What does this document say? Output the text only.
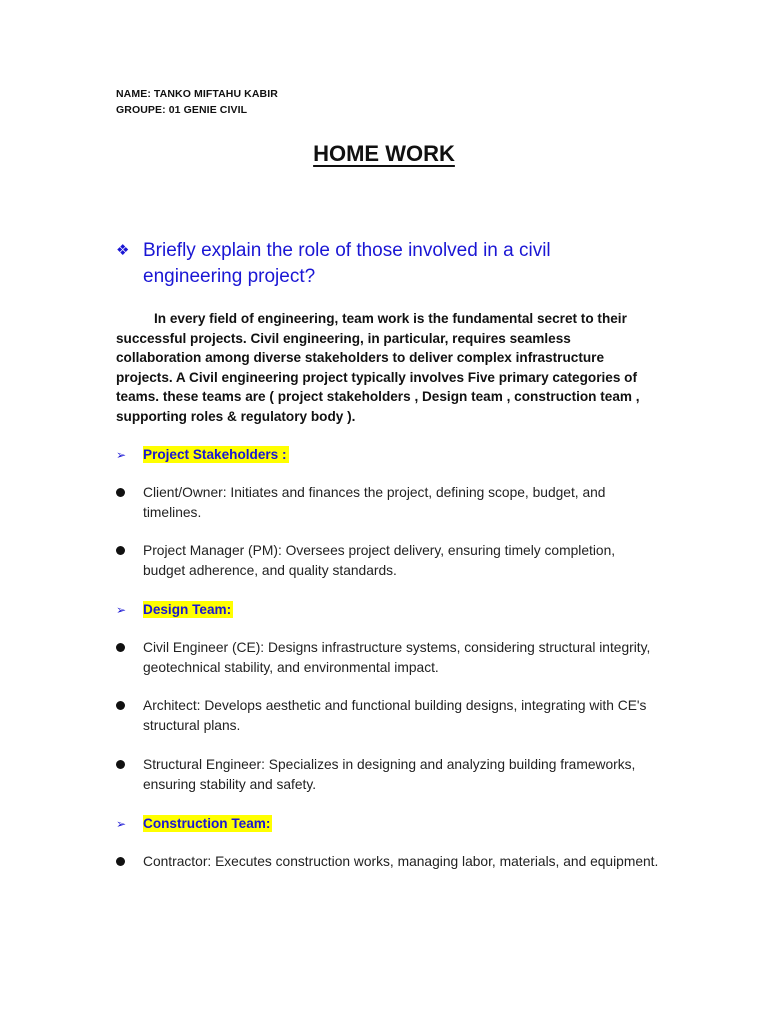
NAME: TANKO MIFTAHU KABIR
GROUPE: 01 GENIE CIVIL
HOME WORK
❖ Briefly explain the role of those involved in a civil engineering project?

In every field of engineering, team work is the fundamental secret to their successful projects. Civil engineering, in particular, requires seamless collaboration among diverse stakeholders to deliver complex infrastructure projects. A Civil engineering project typically involves Five primary categories of teams. these teams are ( project stakeholders , Design team , construction team , supporting roles & regulatory body ).

➢	Project Stakeholders :
Client/Owner: Initiates and finances the project, defining scope, budget, and timelines.
Project Manager (PM): Oversees project delivery, ensuring timely completion, budget adherence, and quality standards.
➢	Design Team:
Civil Engineer (CE): Designs infrastructure systems, considering structural integrity, geotechnical stability, and environmental impact.
Architect: Develops aesthetic and functional building designs, integrating with CE's structural plans.
Structural Engineer: Specializes in designing and analyzing building frameworks, ensuring stability and safety.
➢	Construction Team:
Contractor: Executes construction works, managing labor, materials, and equipment.
